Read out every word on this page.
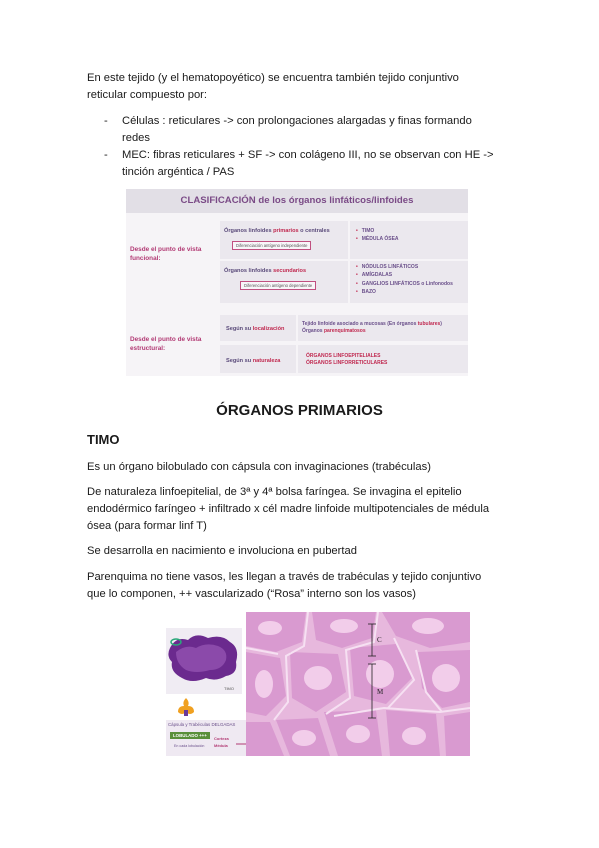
En este tejido (y el hematopoyético) se encuentra también tejido conjuntivo
reticular compuesto por:
- Células : reticulares -> con prolongaciones alargadas y finas formando
redes
- MEC: fibras reticulares + SF -> con colágeno III, no se observan con HE ->
tinción argéntica / PAS
CLASIFICACIÓN de los órganos linfáticos/linfoides
Desde el punto de vista funcional:
Órganos linfoides primarios o centrales
Diferenciación antígeno independiente
• TIMO
• MÉDULA ÓSEA
Órganos linfoides secundarios
Diferenciación antígeno dependiente
• NÓDULOS LINFÁTICOS
• AMÍGDALAS
• GANGLIOS LINFÁTICOS o Linfonodos
• BAZO
Desde el punto de vista estructural:
Según su localización
Tejido linfoide asociado a mucosas (En órganos tubulares)
Órganos parenquimatosos
Según su naturaleza
ÓRGANOS LINFOEPITELIALES
ÓRGANOS LINFORRETICULARES
ÓRGANOS PRIMARIOS
TIMO
Es un órgano bilobulado con cápsula con invaginaciones (trabéculas)
De naturaleza linfoepitelial, de 3ª y 4ª bolsa faríngea. Se invagina el epitelio
endodérmico faríngeo + infiltrado x cél madre linfoide multipotenciales de médula
ósea (para formar linf T)
Se desarrolla en nacimiento e involuciona en pubertad
Parenquima no tiene vasos, les llegan a través de trabéculas y tejido conjuntivo
que lo componen, ++ vascularizado (“Rosa” interno son los vasos)
TIMO
Cápsula y Trabéculas DELGADAS
LOBULADO +++
En cada lobulación
Corteza
Médula
C
M
